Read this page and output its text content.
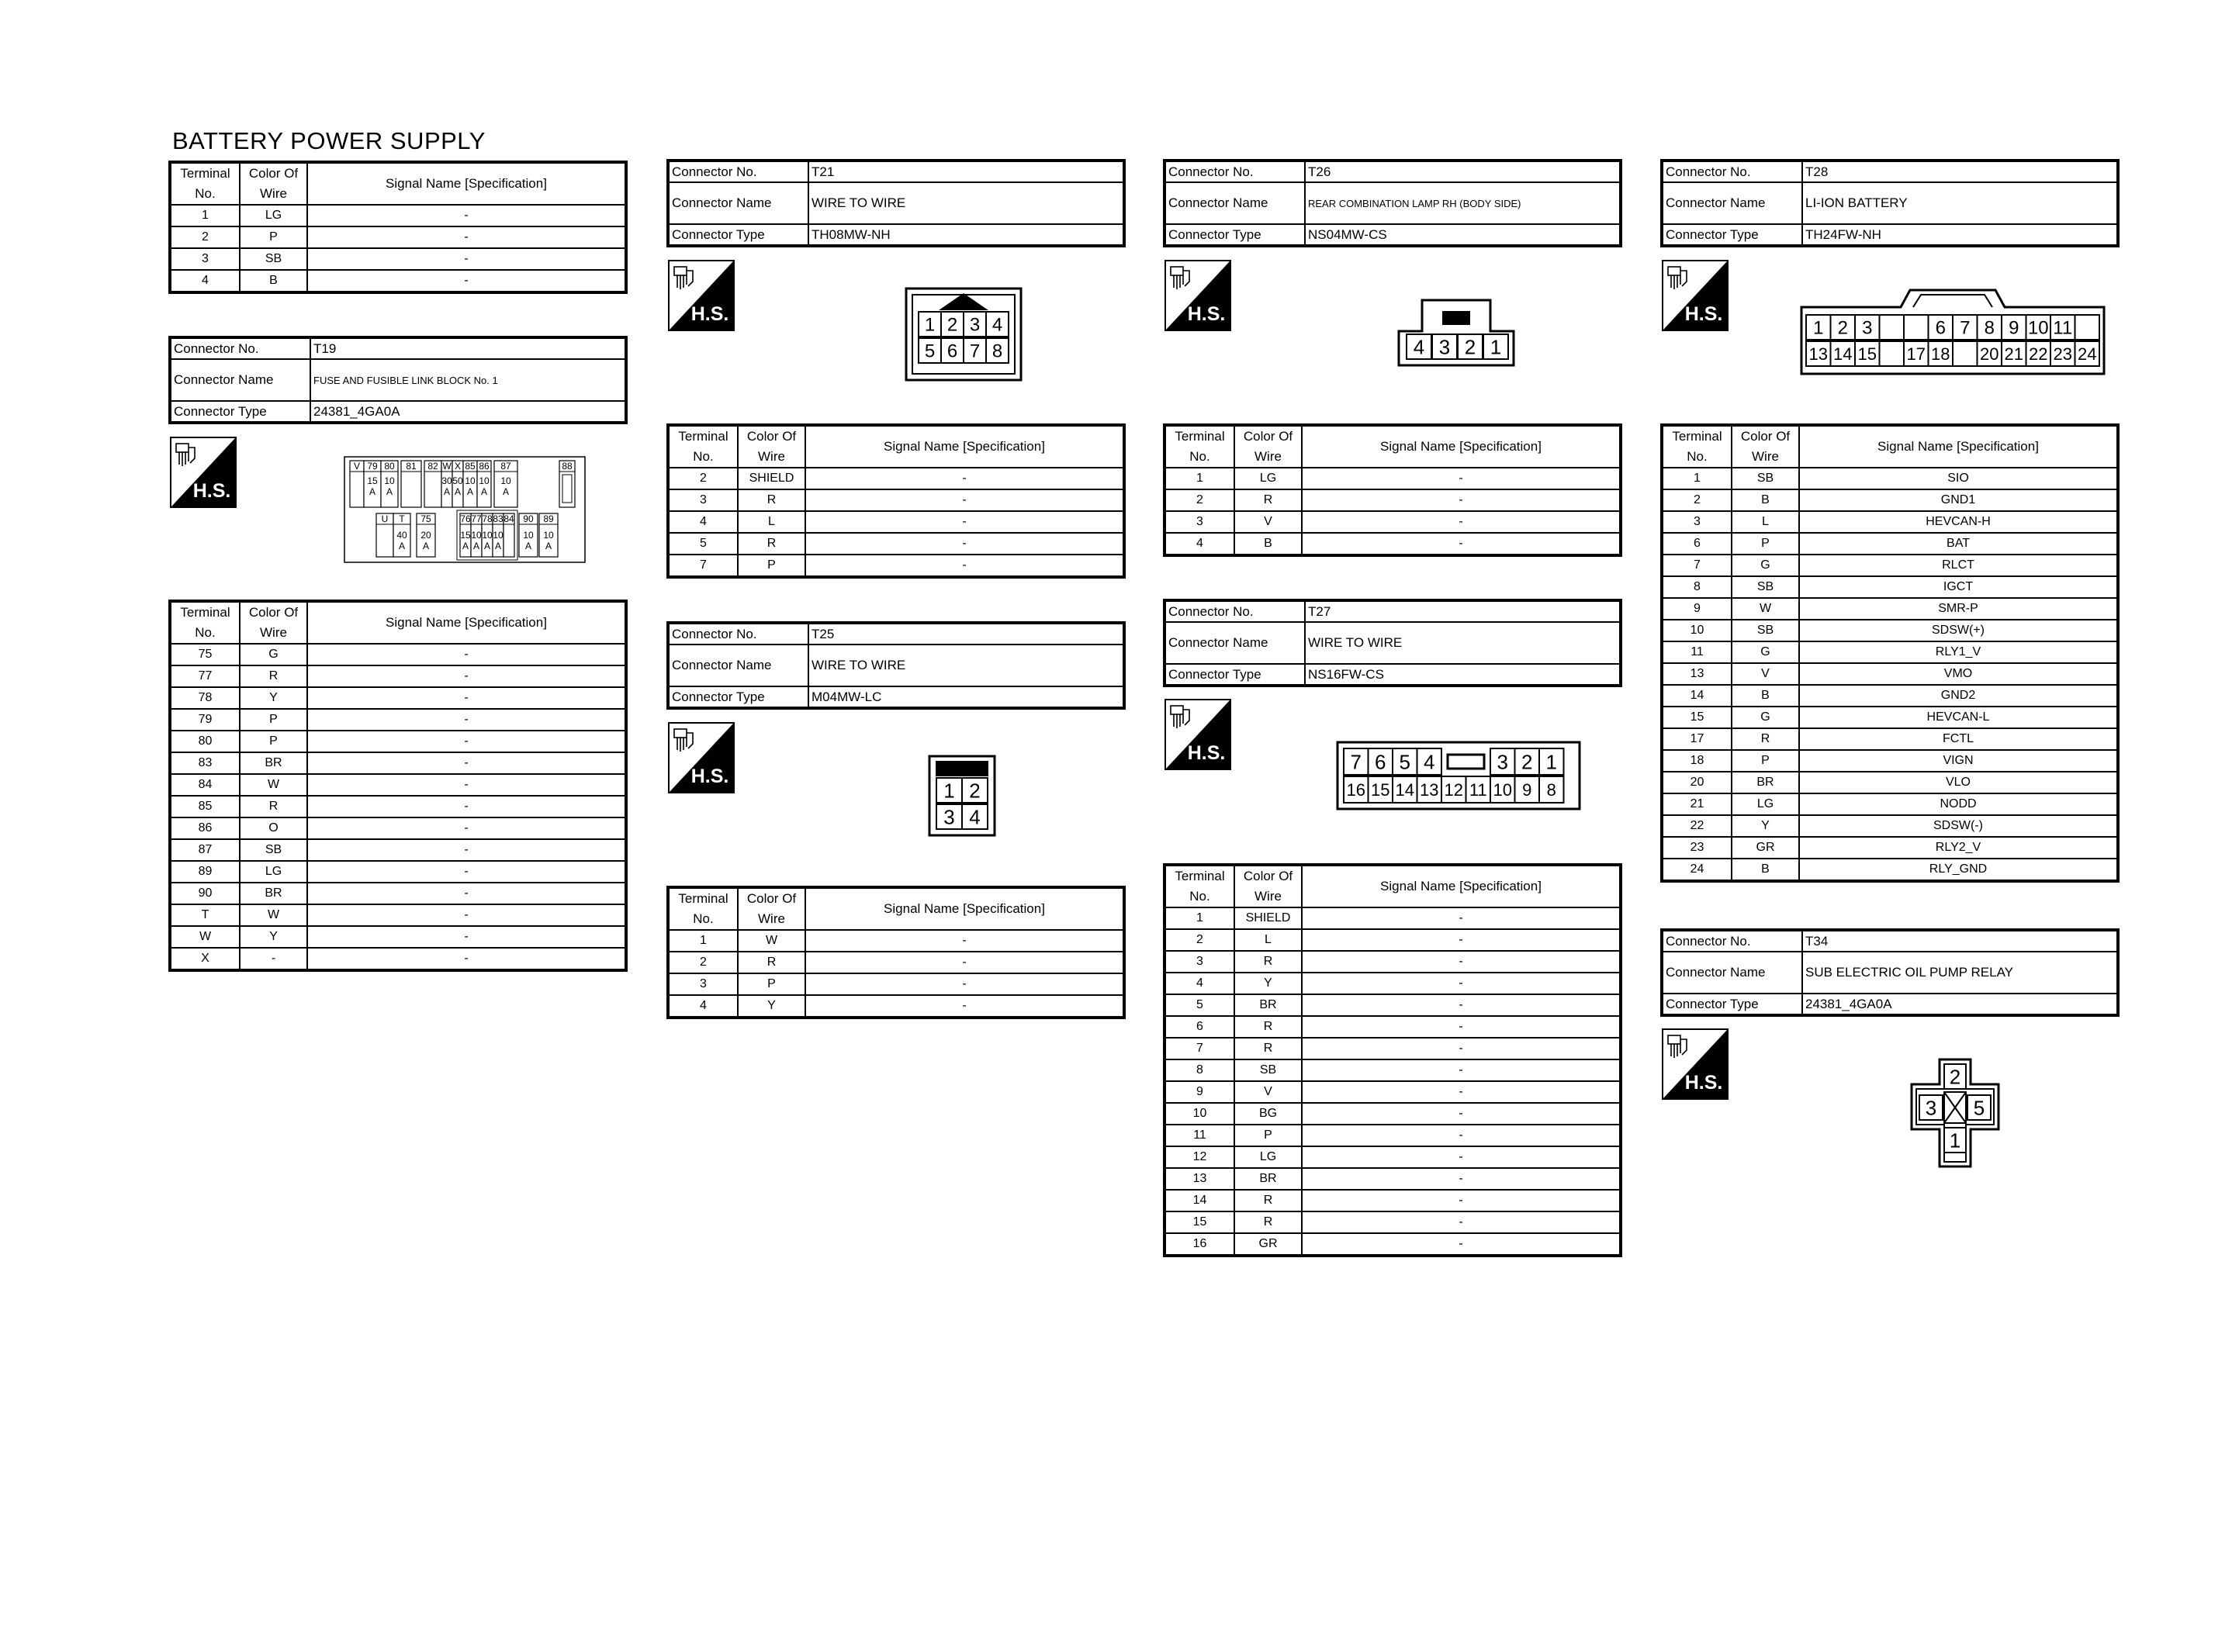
BATTERY POWER SUPPLY
Terminal
No.	Color Of
Wire	Signal Name [Specification]
1	LG	-
2	P	-
3	SB	-
4	B	-
Connector No.	T19
Connector Name	FUSE AND FUSIBLE LINK BLOCK No. 1
Connector Type	24381_4GA0A
H.S.
V 79
15
A
80
10
A
81 82 W
30
A
X
50
A
85
10
A
86
10
A
87
10
A
88
U T
40
A
75
20
A
76
15
A
77
10
A
78
10
A
83
10
A
84 90
10
A
89
10
A
Terminal
No.	Color Of
Wire	Signal Name [Specification]
75	G	-
77	R	-
78	Y	-
79	P	-
80	P	-
83	BR	-
84	W	-
85	R	-
86	O	-
87	SB	-
89	LG	-
90	BR	-
T	W	-
W	Y	-
X	-	-
Connector No.	T21
Connector Name	WIRE TO WIRE
Connector Type	TH08MW-NH
H.S.
1 2 3 4
5 6 7 8
Terminal
No.	Color Of
Wire	Signal Name [Specification]
2	SHIELD	-
3	R	-
4	L	-
5	R	-
7	P	-
Connector No.	T25
Connector Name	WIRE TO WIRE
Connector Type	M04MW-LC
H.S.
1 2
3 4
Terminal
No.	Color Of
Wire	Signal Name [Specification]
1	W	-
2	R	-
3	P	-
4	Y	-
Connector No.	T26
Connector Name	REAR COMBINATION LAMP RH (BODY SIDE)
Connector Type	NS04MW-CS
H.S.
4 3 2 1
Terminal
No.	Color Of
Wire	Signal Name [Specification]
1	LG	-
2	R	-
3	V	-
4	B	-
Connector No.	T27
Connector Name	WIRE TO WIRE
Connector Type	NS16FW-CS
H.S.	7 6 5 4	3 2 1
16 15 14 13 12 11 10 9 8
Terminal
No.	Color Of
Wire	Signal Name [Specification]
1	SHIELD	-
2	L	-
3	R	-
4	Y	-
5	BR	-
6	R	-
7	R	-
8	SB	-
9	V	-
10	BG	-
11	P	-
12	LG	-
13	BR	-
14	R	-
15	R	-
16	GR	-
Connector No.	T28
Connector Name	LI-ION BATTERY
Connector Type	TH24FW-NH
H.S.
1 2 3	6 7 8 9 10 11
13 14 15 17 18 20 21 22 23 24
Terminal
No.	Color Of
Wire	Signal Name [Specification]
1	SB	SIO
2	B	GND1
3	L	HEVCAN-H
6	P	BAT
7	G	RLCT
8	SB	IGCT
9	W	SMR-P
10	SB	SDSW(+)
11	G	RLY1_V
13	V	VMO
14	B	GND2
15	G	HEVCAN-L
17	R	FCTL
18	P	VIGN
20	BR	VLO
21	LG	NODD
22	Y	SDSW(-)
23	GR	RLY2_V
24	B	RLY_GND
Connector No.	T34
Connector Name	SUB ELECTRIC OIL PUMP RELAY
Connector Type	24381_4GA0A
H.S.	2
3 5
1
